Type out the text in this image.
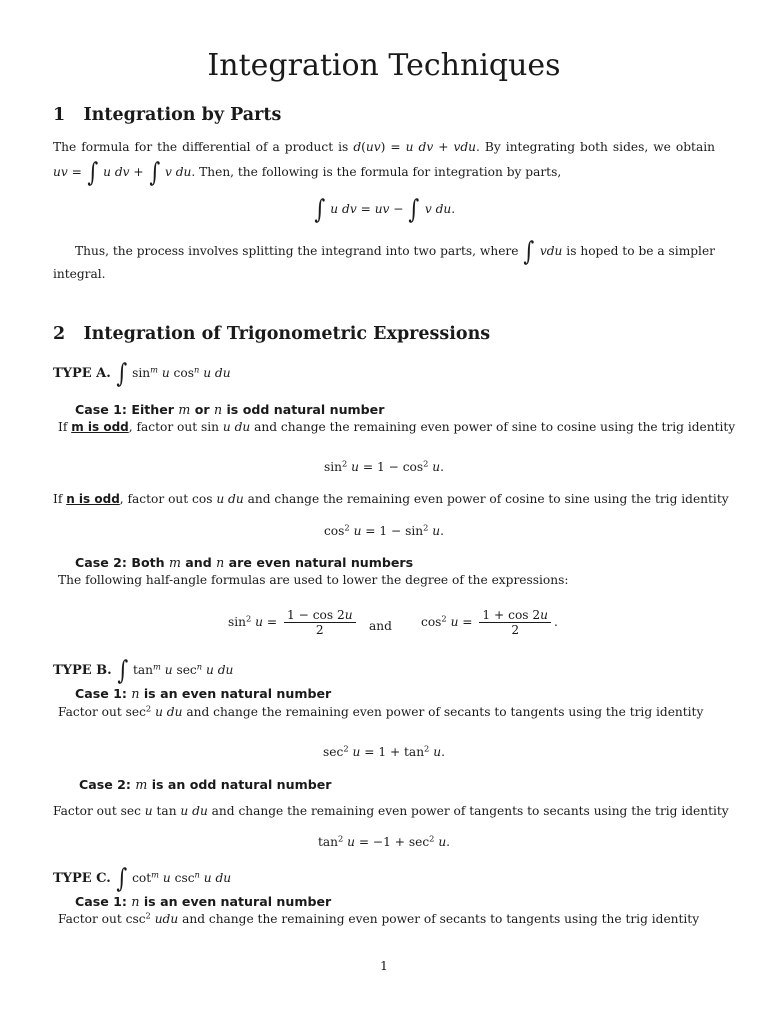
Integration Techniques
1 Integration by Parts
The formula for the differential of a product is d(uv) = u dv + vdu. By integrating both sides, we obtain
uv = ∫ u dv + ∫ v du. Then, the following is the formula for integration by parts,
∫ u dv = uv − ∫ v du.
Thus, the process involves splitting the integrand into two parts, where ∫ vdu is hoped to be a simpler
integral.
2 Integration of Trigonometric Expressions
TYPE A. ∫ $\sin^m u$ $\cos^n u$ du
Case 1: Either m or n is odd natural number
If m is odd, factor out sin u du and change the remaining even power of sine to cosine using the trig identity
$\sin^2 u = 1 - \cos^2 u$.
If n is odd, factor out cos u du and change the remaining even power of cosine to sine using the trig identity
$\cos^2 u = 1 - \sin^2 u$.
Case 2: Both m and n are even natural numbers
The following half-angle formulas are used to lower the degree of the expressions:
$\sin^2 u = \frac{1 - \cos 2u}{2}$ and $\cos^2 u = \frac{1 + \cos 2u}{2}$ .
TYPE B. ∫ $\tan^m u$ $\sec^n u$ du
Case 1: n is an even natural number
Factor out $\sec^2 u$ du and change the remaining even power of secants to tangents using the trig identity
$\sec^2 u = 1 + \tan^2 u$.
Case 2: m is an odd natural number
Factor out sec u tan u du and change the remaining even power of tangents to secants using the trig identity
$\tan^2 u = -1 + \sec^2 u$.
TYPE C. ∫ $\cot^m u$ $\csc^n u$ du
Case 1: n is an even natural number
Factor out $\csc^2$ udu and change the remaining even power of secants to tangents using the trig identity
1
